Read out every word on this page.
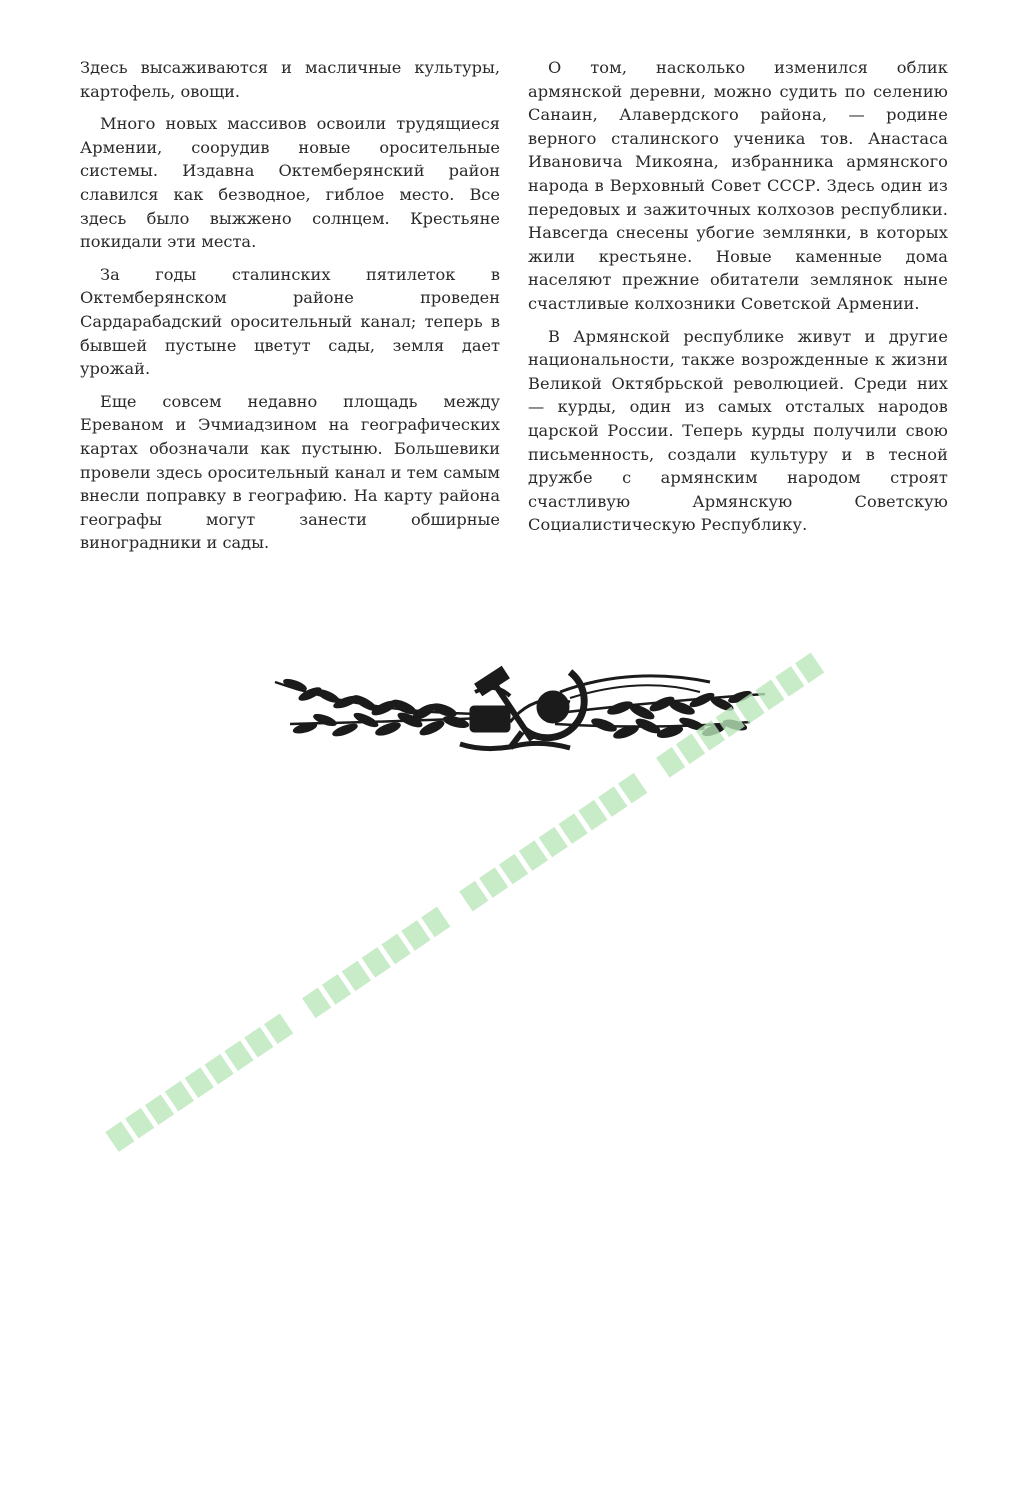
Здесь высаживаются и масличные культуры, картофель, овощи.

Много новых массивов освоили трудящиеся Армении, соорудив новые оросительные системы. Издавна Октемберянский район славился как безводное, гиблое место. Все здесь было выжжено солнцем. Крестьяне покидали эти места.

За годы сталинских пятилеток в Октемберянском районе проведен Сардарабадский оросительный канал; теперь в бывшей пустыне цветут сады, земля дает урожай.

Еще совсем недавно площадь между Ереваном и Эчмиадзином на географических картах обозначали как пустыню. Большевики провели здесь оросительный канал и тем самым внесли поправку в географию. На карту района географы могут занести обширные виноградники и сады.

О том, насколько изменился облик армянской деревни, можно судить по селению Санаин, Алавердского района, — родине верного сталинского ученика тов. Анастаса Ивановича Микояна, избранника армянского народа в Верховный Совет СССР. Здесь один из передовых и зажиточных колхозов республики. Навсегда снесены убогие землянки, в которых жили крестьяне. Новые каменные дома населяют прежние обитатели землянок ныне счастливые колхозники Советской Армении.

В Армянской республике живут и другие национальности, также возрожденные к жизни Великой Октябрьской революцией. Среди них — курды, один из самых отсталых народов царской России. Теперь курды получили свою письменность, создали культуру и в тесной дружбе с армянским народом строят счастливую Армянскую Советскую Социалистическую Республику.
